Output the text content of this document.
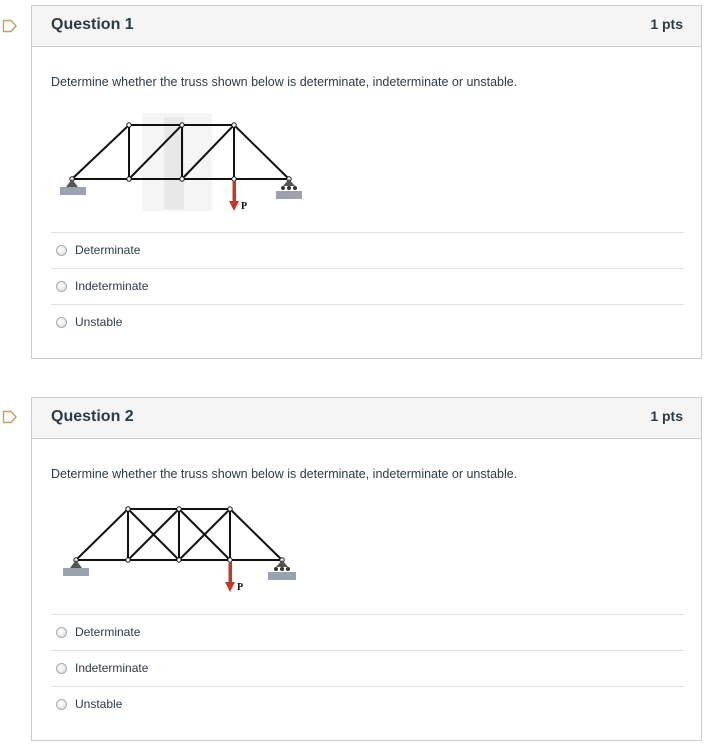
Question 1	1 pts
Determine whether the truss shown below is determinate, indeterminate or unstable.
P
Determinate
Indeterminate
Unstable
Question 2	1 pts
Determine whether the truss shown below is determinate, indeterminate or unstable.
P
Determinate
Indeterminate
Unstable
